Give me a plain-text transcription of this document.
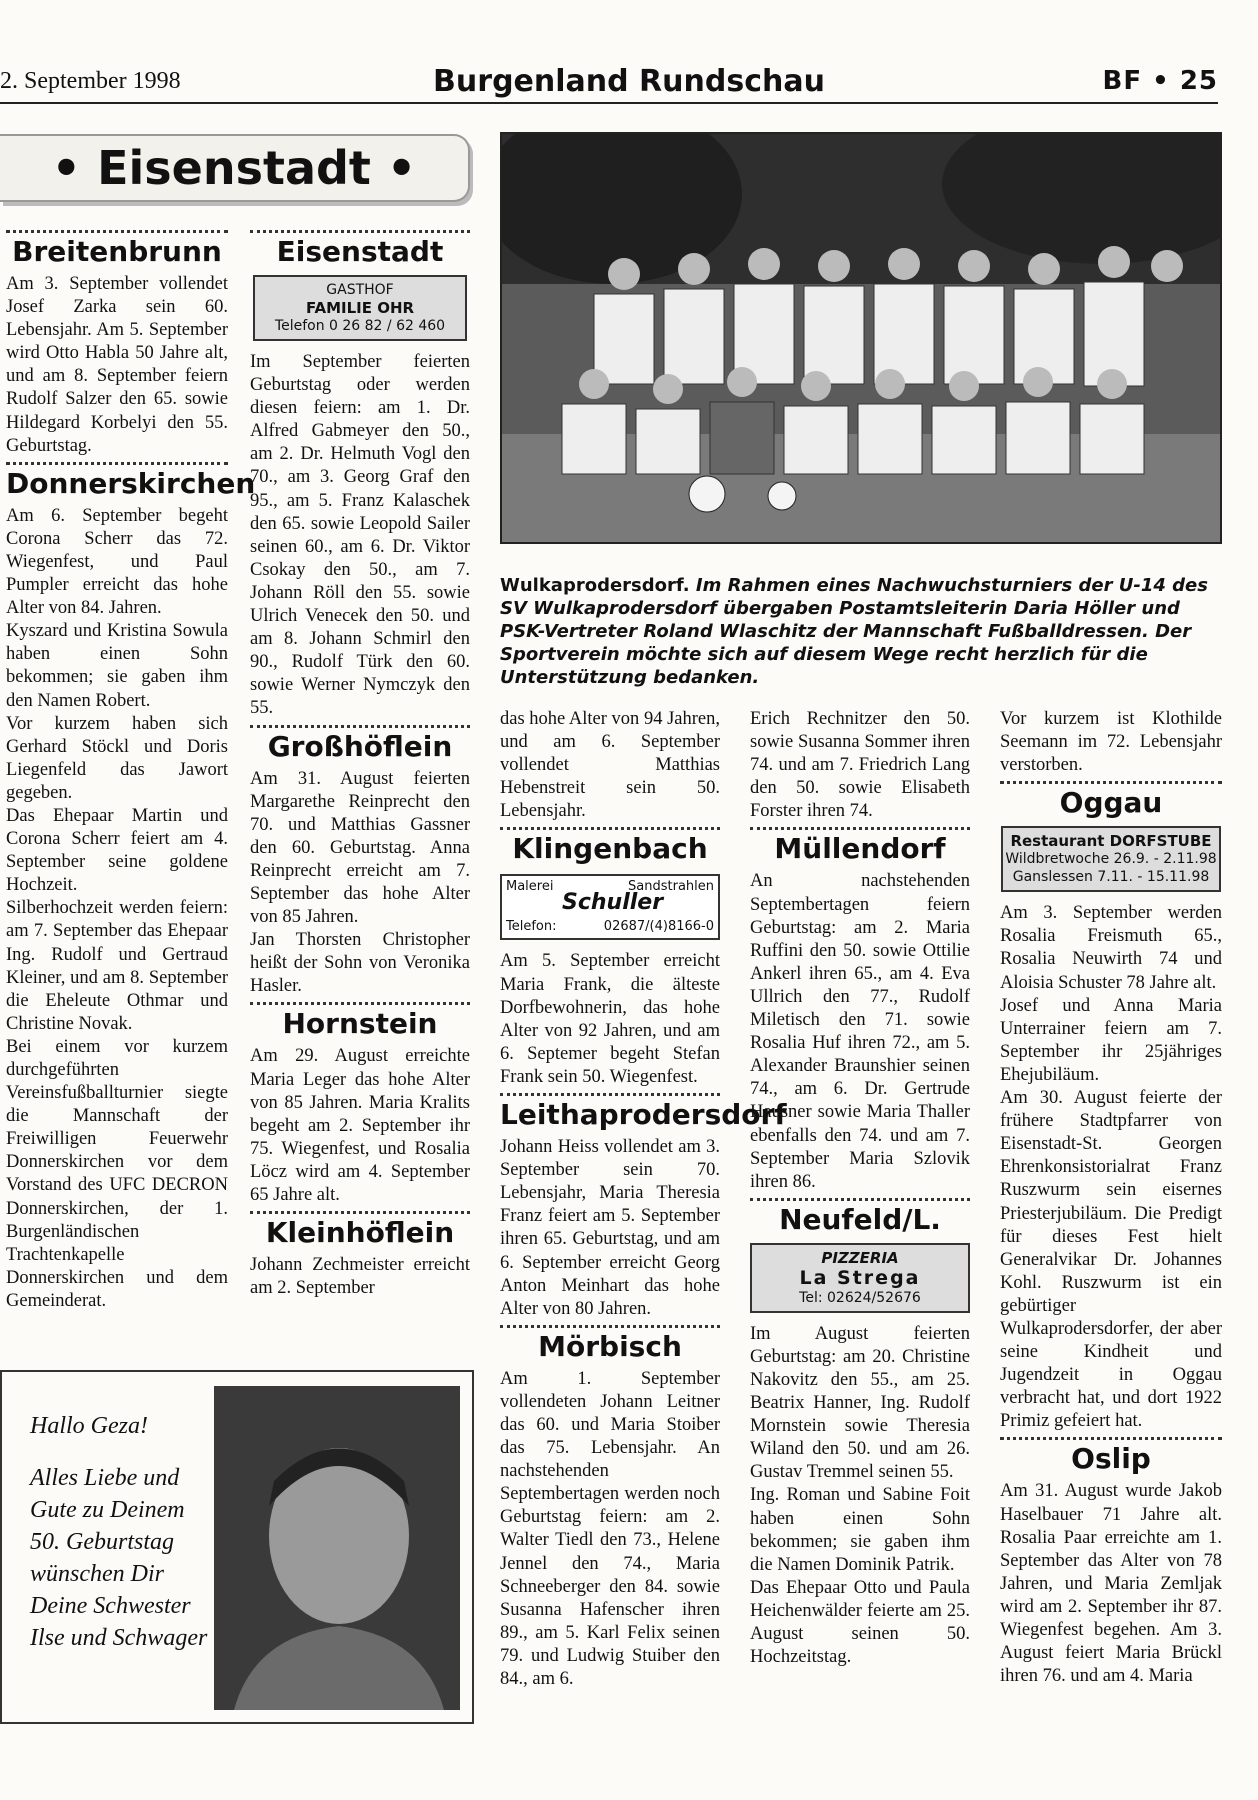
2. September 1998	Burgenland Rundschau	BF • 25
• Eisenstadt •
Breitenbrunn

Am 3. September vollendet Josef Zarka sein 60. Lebensjahr. Am 5. September wird Otto Habla 50 Jahre alt, und am 8. September feiern Rudolf Salzer den 65. sowie Hildegard Korbelyi den 55. Geburtstag.

Donnerskirchen

Am 6. September begeht Corona Scherr das 72. Wiegenfest, und Paul Pumpler erreicht das hohe Alter von 84. Jahren.

Kyszard und Kristina Sowula haben einen Sohn bekommen; sie gaben ihm den Namen Robert.

Vor kurzem haben sich Gerhard Stöckl und Doris Liegenfeld das Jawort gegeben.

Das Ehepaar Martin und Corona Scherr feiert am 4. September seine goldene Hochzeit.

Silberhochzeit werden feiern: am 7. September das Ehepaar Ing. Rudolf und Gertraud Kleiner, und am 8. September die Eheleute Othmar und Christine Novak.

Bei einem vor kurzem durchgeführten Vereinsfußballturnier siegte die Mannschaft der Freiwilligen Feuerwehr Donnerskirchen vor dem Vorstand des UFC DECRON Donnerskirchen, der 1. Burgenländischen Trachtenkapelle Donnerskirchen und dem Gemeinderat.

Eisenstadt
GASTHOF
FAMILIE OHR
Telefon 0 26 82 / 62 460

Im September feierten Geburtstag oder werden diesen feiern: am 1. Dr. Alfred Gabmeyer den 50., am 2. Dr. Helmuth Vogl den 70., am 3. Georg Graf den 95., am 5. Franz Kalaschek den 65. sowie Leopold Sailer seinen 60., am 6. Dr. Viktor Csokay den 50., am 7. Johann Röll den 55. sowie Ulrich Venecek den 50. und am 8. Johann Schmirl den 90., Rudolf Türk den 60. sowie Werner Nymczyk den 55.

Großhöflein

Am 31. August feierten Margarethe Reinprecht den 70. und Matthias Gassner den 60. Geburtstag. Anna Reinprecht erreicht am 7. September das hohe Alter von 85 Jahren.

Jan Thorsten Christopher heißt der Sohn von Veronika Hasler.

Hornstein

Am 29. August erreichte Maria Leger das hohe Alter von 85 Jahren. Maria Kralits begeht am 2. September ihr 75. Wiegenfest, und Rosalia Löcz wird am 4. September 65 Jahre alt.

Kleinhöflein

Johann Zechmeister erreicht am 2. September

Wulkaprodersdorf. Im Rahmen eines Nachwuchsturniers der U-14 des SV Wulkaprodersdorf übergaben Postamtsleiterin Daria Höller und PSK-Vertreter Roland Wlaschitz der Mannschaft Fußballdressen. Der Sportverein möchte sich auf diesem Wege recht herzlich für die Unterstützung bedanken.

das hohe Alter von 94 Jahren, und am 6. September vollendet Matthias Hebenstreit sein 50. Lebensjahr.

Klingenbach
Malerei	Sandstrahlen
Schuller
Telefon:	02687/(4)8166-0

Am 5. September erreicht Maria Frank, die älteste Dorfbewohnerin, das hohe Alter von 92 Jahren, und am 6. Septemer begeht Stefan Frank sein 50. Wiegenfest.

Leithaprodersdorf

Johann Heiss vollendet am 3. September sein 70. Lebensjahr, Maria Theresia Franz feiert am 5. September ihren 65. Geburtstag, und am 6. September erreicht Georg Anton Meinhart das hohe Alter von 80 Jahren.

Mörbisch

Am 1. September vollendeten Johann Leitner das 60. und Maria Stoiber das 75. Lebensjahr. An nachstehenden Septembertagen werden noch Geburtstag feiern: am 2. Walter Tiedl den 73., Helene Jennel den 74., Maria Schneeberger den 84. sowie Susanna Hafenscher ihren 89., am 5. Karl Felix seinen 79. und Ludwig Stuiber den 84., am 6.

Erich Rechnitzer den 50. sowie Susanna Sommer ihren 74. und am 7. Friedrich Lang den 50. sowie Elisabeth Forster ihren 74.

Müllendorf

An nachstehenden Septembertagen feiern Geburtstag: am 2. Maria Ruffini den 50. sowie Ottilie Ankerl ihren 65., am 4. Eva Ullrich den 77., Rudolf Miletisch den 71. sowie Rosalia Huf ihren 72., am 5. Alexander Braunshier seinen 74., am 6. Dr. Gertrude Hausner sowie Maria Thaller ebenfalls den 74. und am 7. September Maria Szlovik ihren 86.

Neufeld/L.
PIZZERIA
La Strega
Tel: 02624/52676

Im August feierten Geburtstag: am 20. Christine Nakovitz den 55., am 25. Beatrix Hanner, Ing. Rudolf Mornstein sowie Theresia Wiland den 50. und am 26. Gustav Tremmel seinen 55.

Ing. Roman und Sabine Foit haben einen Sohn bekommen; sie gaben ihm die Namen Dominik Patrik.

Das Ehepaar Otto und Paula Heichenwälder feierte am 25. August seinen 50. Hochzeitstag.

Vor kurzem ist Klothilde Seemann im 72. Lebensjahr verstorben.

Oggau
Restaurant DORFSTUBE
Wildbretwoche 26.9. - 2.11.98
Ganslessen 7.11. - 15.11.98

Am 3. September werden Rosalia Freismuth 65., Rosalia Neuwirth 74 und Aloisia Schuster 78 Jahre alt.

Josef und Anna Maria Unterrainer feiern am 7. September ihr 25jähriges Ehejubiläum.

Am 30. August feierte der frühere Stadtpfarrer von Eisenstadt-St. Georgen Ehrenkonsistorialrat Franz Ruszwurm sein eisernes Priesterjubiläum. Die Predigt für dieses Fest hielt Generalvikar Dr. Johannes Kohl. Ruszwurm ist ein gebürtiger Wulkaprodersdorfer, der aber seine Kindheit und Jugendzeit in Oggau verbracht hat, und dort 1922 Primiz gefeiert hat.

Oslip

Am 31. August wurde Jakob Haselbauer 71 Jahre alt. Rosalia Paar erreichte am 1. September das Alter von 78 Jahren, und Maria Zemljak wird am 2. September ihr 87. Wiegenfest begehen. Am 3. August feiert Maria Brückl ihren 76. und am 4. Maria

Hallo Geza!
Alles Liebe und Gute zu Deinem 50. Geburtstag wünschen Dir Deine Schwester Ilse und Schwager
